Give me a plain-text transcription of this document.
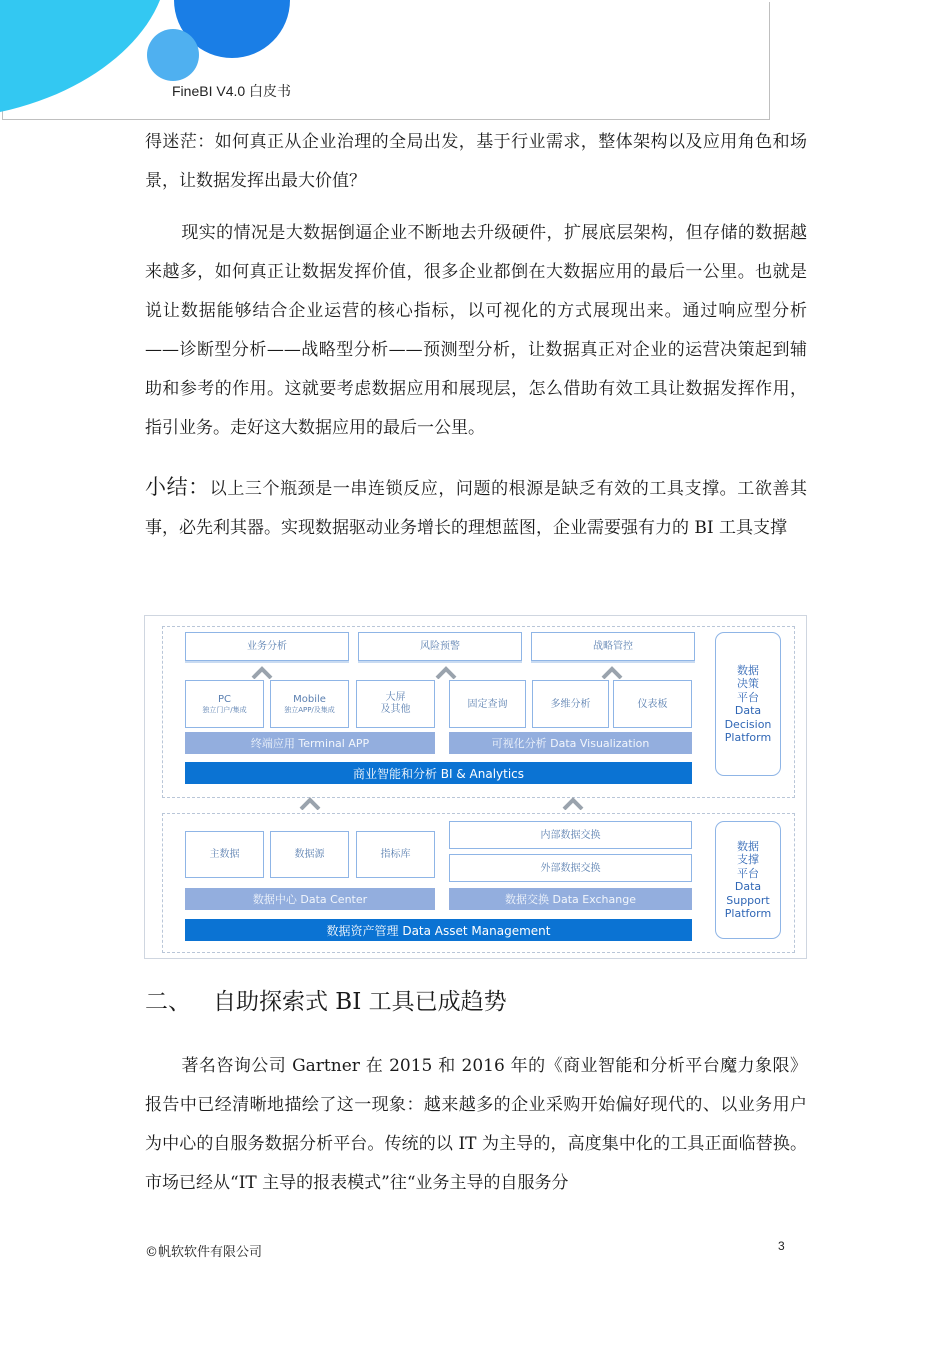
FineBI V4.0 白皮书
得迷茫：如何真正从企业治理的全局出发，基于行业需求，整体架构以及应用角色和场景，让数据发挥出最大价值？
现实的情况是大数据倒逼企业不断地去升级硬件，扩展底层架构，但存储的数据越来越多，如何真正让数据发挥价值，很多企业都倒在大数据应用的最后一公里。也就是说让数据能够结合企业运营的核心指标，以可视化的方式展现出来。通过响应型分析——诊断型分析——战略型分析——预测型分析，让数据真正对企业的运营决策起到辅助和参考的作用。这就要考虑数据应用和展现层，怎么借助有效工具让数据发挥作用，指引业务。走好这大数据应用的最后一公里。
小结：以上三个瓶颈是一串连锁反应，问题的根源是缺乏有效的工具支撑。工欲善其事，必先利其器。实现数据驱动业务增长的理想蓝图，企业需要强有力的 BI 工具支撑
业务分析	风险预警	战略管控
PC
独立门户/集成
Mobile
独立APP/及集成
大屏
及其他	固定查询	多维分析	仪表板
终端应用 Terminal APP	可视化分析 Data Visualization
商业智能和分析 BI & Analytics
数据
决策
平台
Data
Decision
Platform
主数据	数据源	指标库
内部数据交换
外部数据交换
数据中心 Data Center	数据交换 Data Exchange
数据资产管理 Data Asset Management
数据
支撑
平台
Data
Support
Platform
二、 自助探索式 BI 工具已成趋势
著名咨询公司 Gartner 在 2015 和 2016 年的《商业智能和分析平台魔力象限》报告中已经清晰地描绘了这一现象：越来越多的企业采购开始偏好现代的、以业务用户为中心的自服务数据分析平台。传统的以 IT 为主导的，高度集中化的工具正面临替换。市场已经从“IT 主导的报表模式”往“业务主导的自服务分
©帆软软件有限公司	3
